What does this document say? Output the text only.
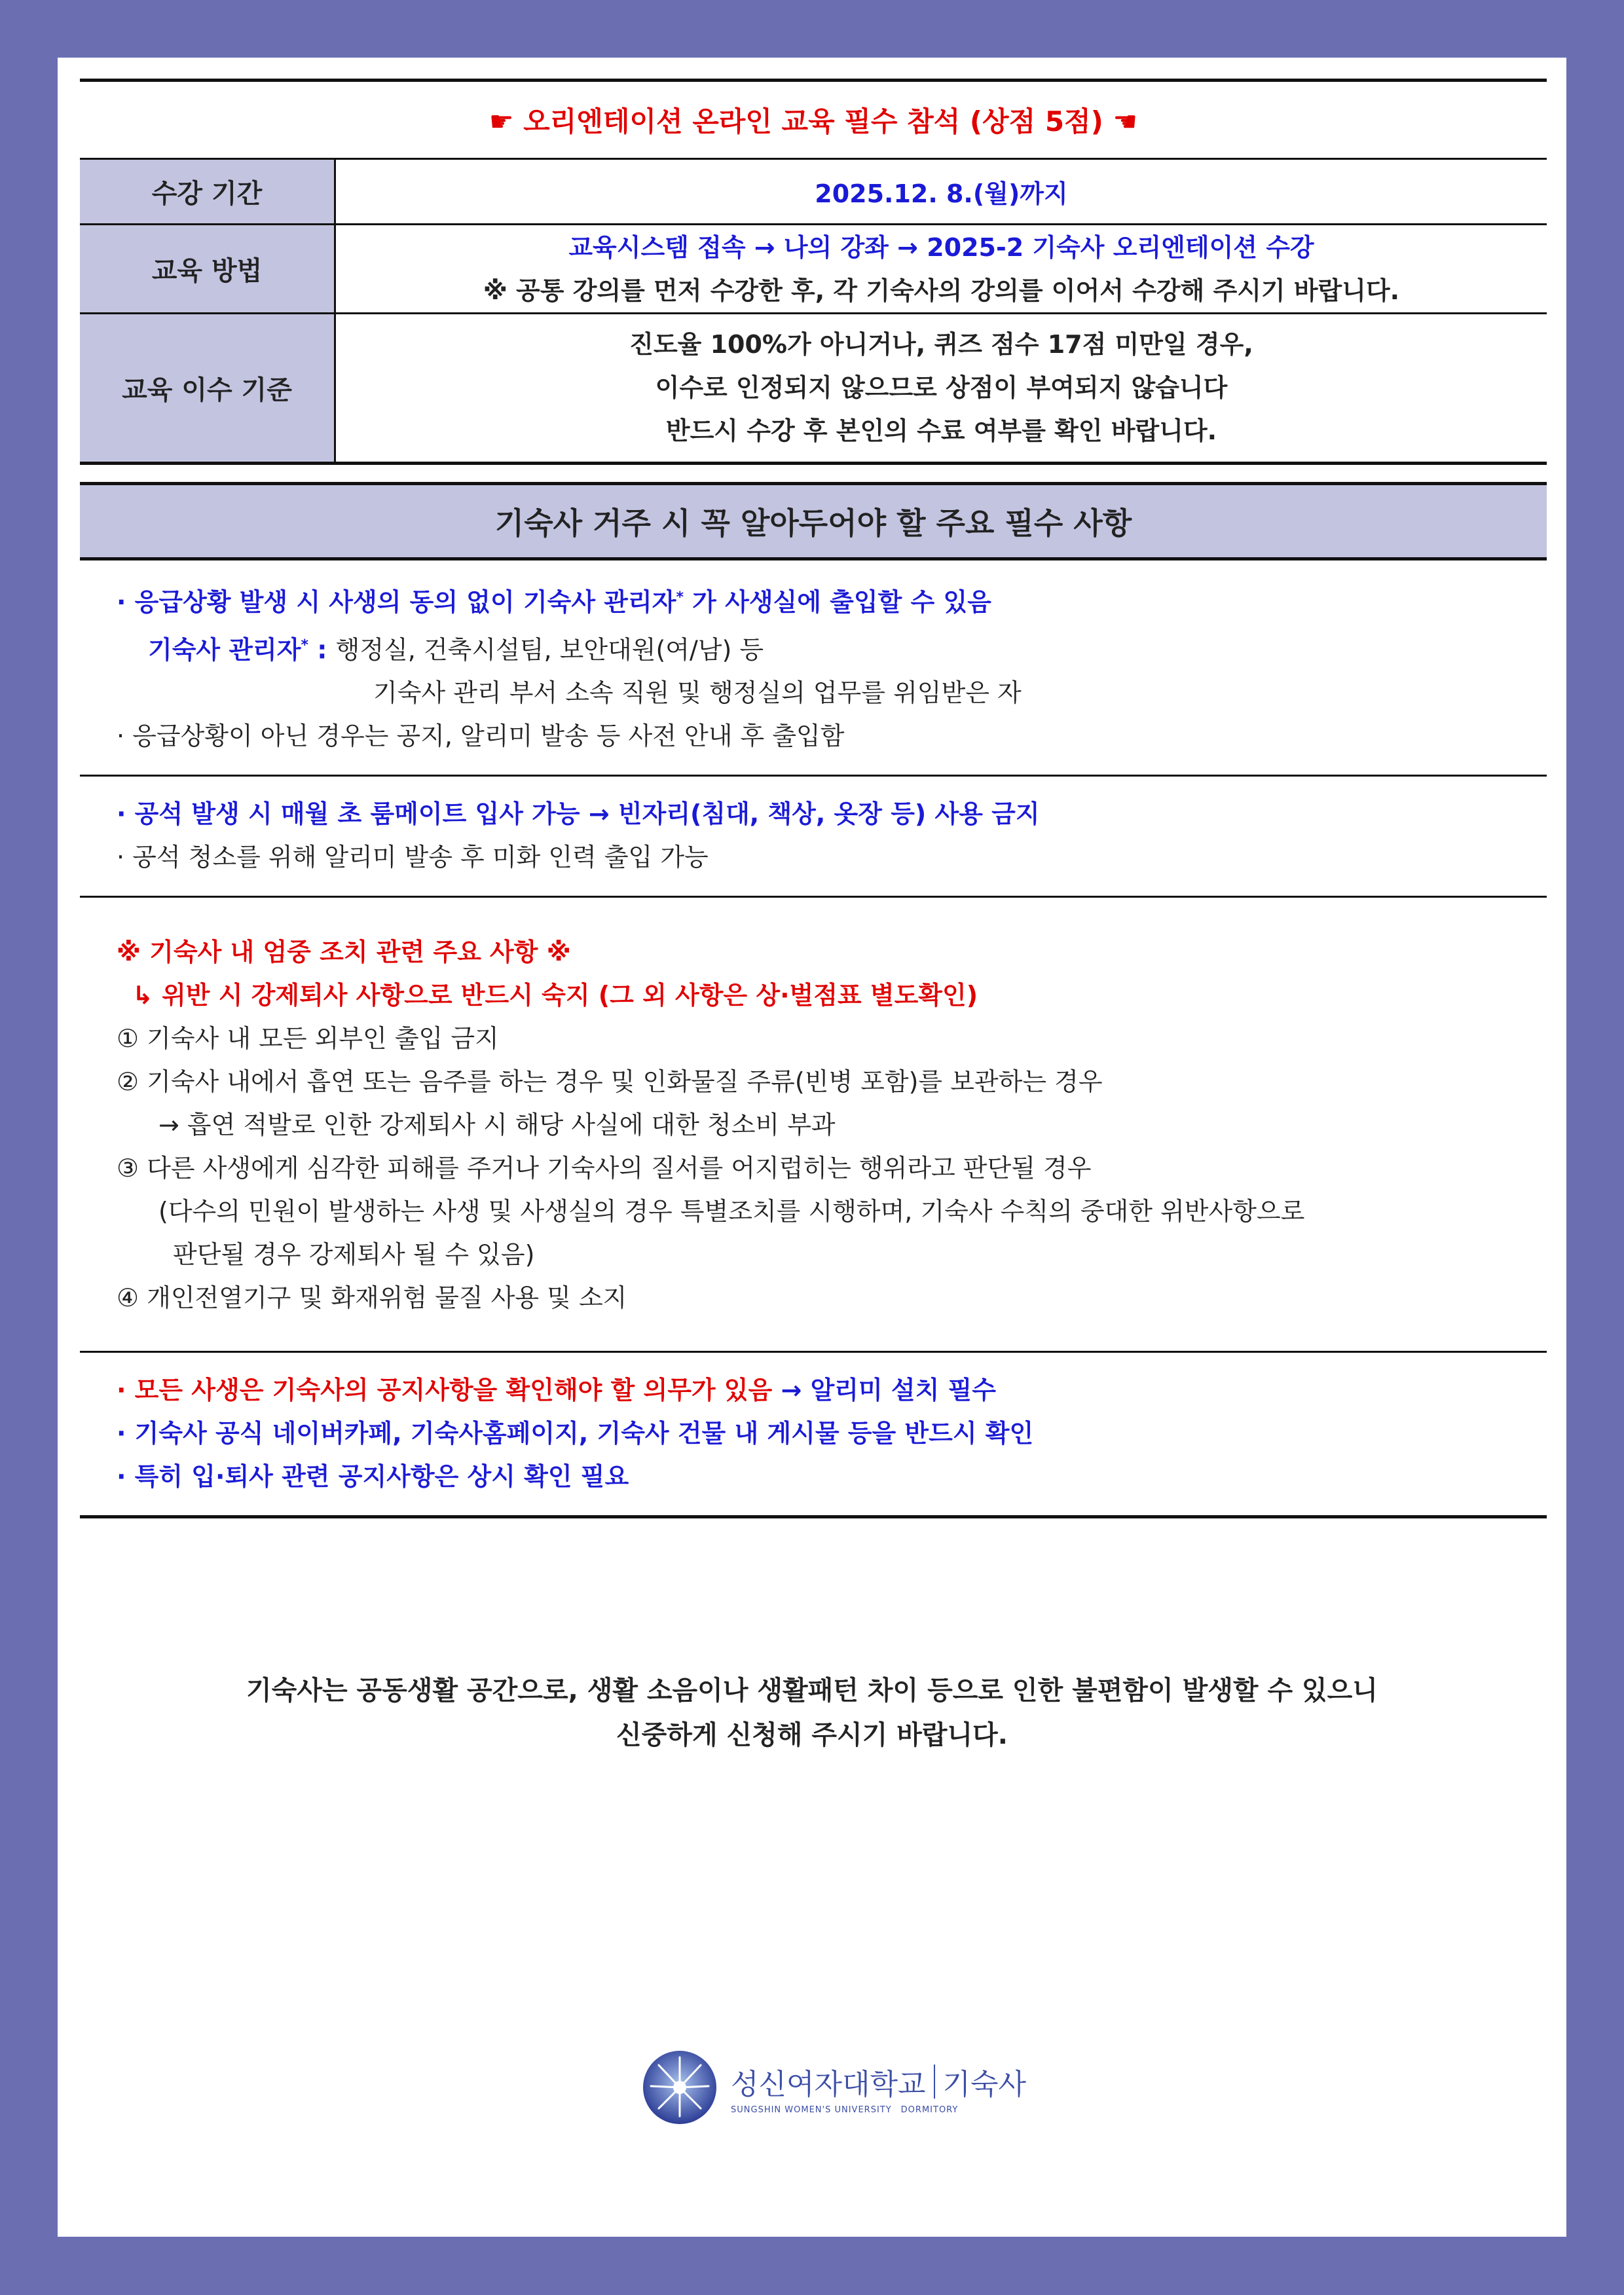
☛ 오리엔테이션 온라인 교육 필수 참석 (상점 5점) ☚
수강 기간	2025.12. 8.(월)까지
교육 방법	교육시스템 접속 → 나의 강좌 → 2025-2 기숙사 오리엔테이션 수강
※ 공통 강의를 먼저 수강한 후, 각 기숙사의 강의를 이어서 수강해 주시기 바랍니다.

교육 이수 기준	진도율 100%가 아니거나, 퀴즈 점수 17점 미만일 경우,
이수로 인정되지 않으므로 상점이 부여되지 않습니다
반드시 수강 후 본인의 수료 여부를 확인 바랍니다.
기숙사 거주 시 꼭 알아두어야 할 주요 필수 사항
· 응급상황 발생 시 사생의 동의 없이 기숙사 관리자* 가 사생실에 출입할 수 있음
기숙사 관리자* : 행정실, 건축시설팀, 보안대원(여/남) 등
기숙사 관리 부서 소속 직원 및 행정실의 업무를 위임받은 자
· 응급상황이 아닌 경우는 공지, 알리미 발송 등 사전 안내 후 출입함
· 공석 발생 시 매월 초 룸메이트 입사 가능 → 빈자리(침대, 책상, 옷장 등) 사용 금지
· 공석 청소를 위해 알리미 발송 후 미화 인력 출입 가능
※ 기숙사 내 엄중 조치 관련 주요 사항 ※
↳ 위반 시 강제퇴사 사항으로 반드시 숙지 (그 외 사항은 상·벌점표 별도확인)
① 기숙사 내 모든 외부인 출입 금지
② 기숙사 내에서 흡연 또는 음주를 하는 경우 및 인화물질 주류(빈병 포함)를 보관하는 경우
→ 흡연 적발로 인한 강제퇴사 시 해당 사실에 대한 청소비 부과
③ 다른 사생에게 심각한 피해를 주거나 기숙사의 질서를 어지럽히는 행위라고 판단될 경우
(다수의 민원이 발생하는 사생 및 사생실의 경우 특별조치를 시행하며, 기숙사 수칙의 중대한 위반사항으로
판단될 경우 강제퇴사 될 수 있음)
④ 개인전열기구 및 화재위험 물질 사용 및 소지
· 모든 사생은 기숙사의 공지사항을 확인해야 할 의무가 있음 → 알리미 설치 필수
· 기숙사 공식 네이버카페, 기숙사홈페이지, 기숙사 건물 내 게시물 등을 반드시 확인
· 특히 입·퇴사 관련 공지사항은 상시 확인 필요
기숙사는 공동생활 공간으로, 생활 소음이나 생활패턴 차이 등으로 인한 불편함이 발생할 수 있으니
신중하게 신청해 주시기 바랍니다.
성신여자대학교 기숙사
SUNGSHIN WOMEN'S UNIVERSITY DORMITORY
